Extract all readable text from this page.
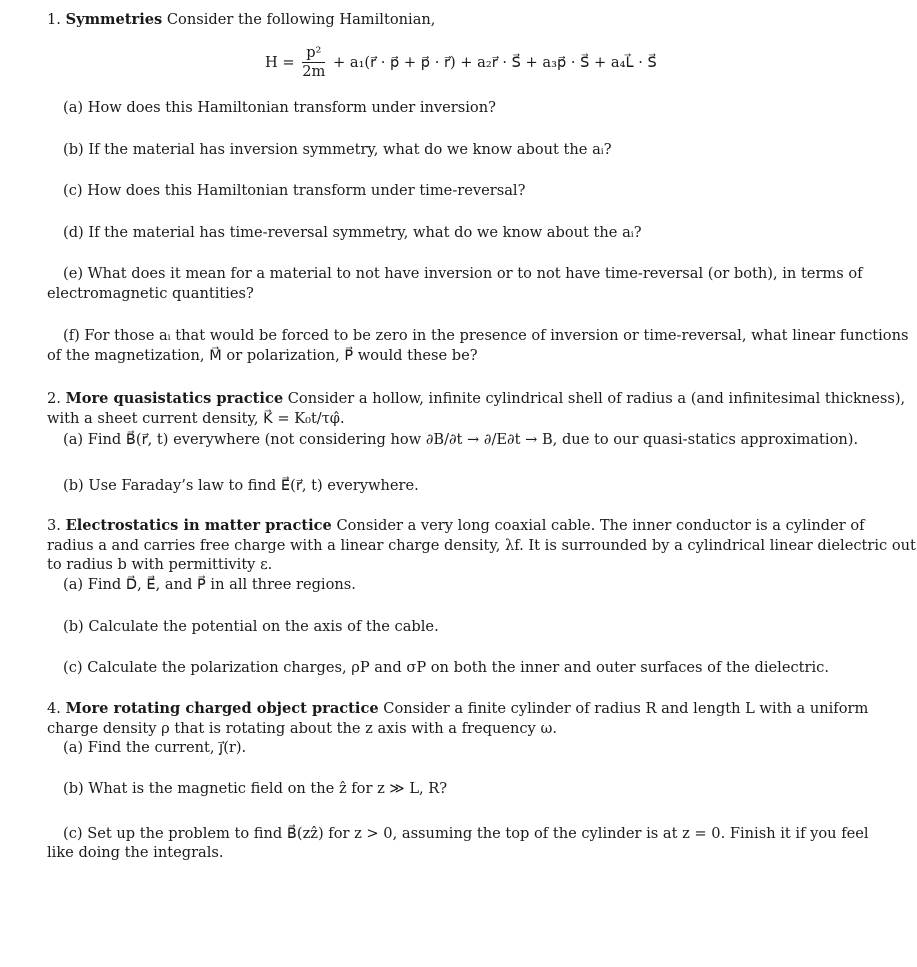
1. Symmetries Consider the following Hamiltonian,
$H = \frac{\text{p²}}{2m}$ + a₁(r⃗ · p⃗ + p⃗ · r⃗) + a₂r⃗ · S⃗ + a₃p⃗ · S⃗ + a₄L⃗ · S⃗
(a) How does this Hamiltonian transform under inversion?
(b) If the material has inversion symmetry, what do we know about the aᵢ?
(c) How does this Hamiltonian transform under time-reversal?
(d) If the material has time-reversal symmetry, what do we know about the aᵢ?
(e) What does it mean for a material to not have inversion or to not have time-reversal (or both), in terms of
electromagnetic quantities?
(f) For those aᵢ that would be forced to be zero in the presence of inversion or time-reversal, what linear functions
of the magnetization, M⃗ or polarization, P⃗ would these be?
2. More quasistatics practice Consider a hollow, infinite cylindrical shell of radius a (and infinitesimal thickness),
with a sheet current density, K⃗ = K₀t/τφ̂.
(a) Find B⃗(r⃗, t) everywhere (not considering how ∂B/∂t → ∂/E∂t → B, due to our quasi-statics approximation).
(b) Use Faraday’s law to find E⃗(r⃗, t) everywhere.
3. Electrostatics in matter practice Consider a very long coaxial cable. The inner conductor is a cylinder of
radius a and carries free charge with a linear charge density, λf. It is surrounded by a cylindrical linear dielectric out
to radius b with permittivity ε.
(a) Find D⃗, E⃗, and P⃗ in all three regions.
(b) Calculate the potential on the axis of the cable.
(c) Calculate the polarization charges, ρP and σP on both the inner and outer surfaces of the dielectric.
4. More rotating charged object practice Consider a finite cylinder of radius R and length L with a uniform
charge density ρ that is rotating about the z axis with a frequency ω.
(a) Find the current, j⃗(r).
(b) What is the magnetic field on the ẑ for z ≫ L, R?
(c) Set up the problem to find B⃗(zẑ) for z > 0, assuming the top of the cylinder is at z = 0. Finish it if you feel
like doing the integrals.
